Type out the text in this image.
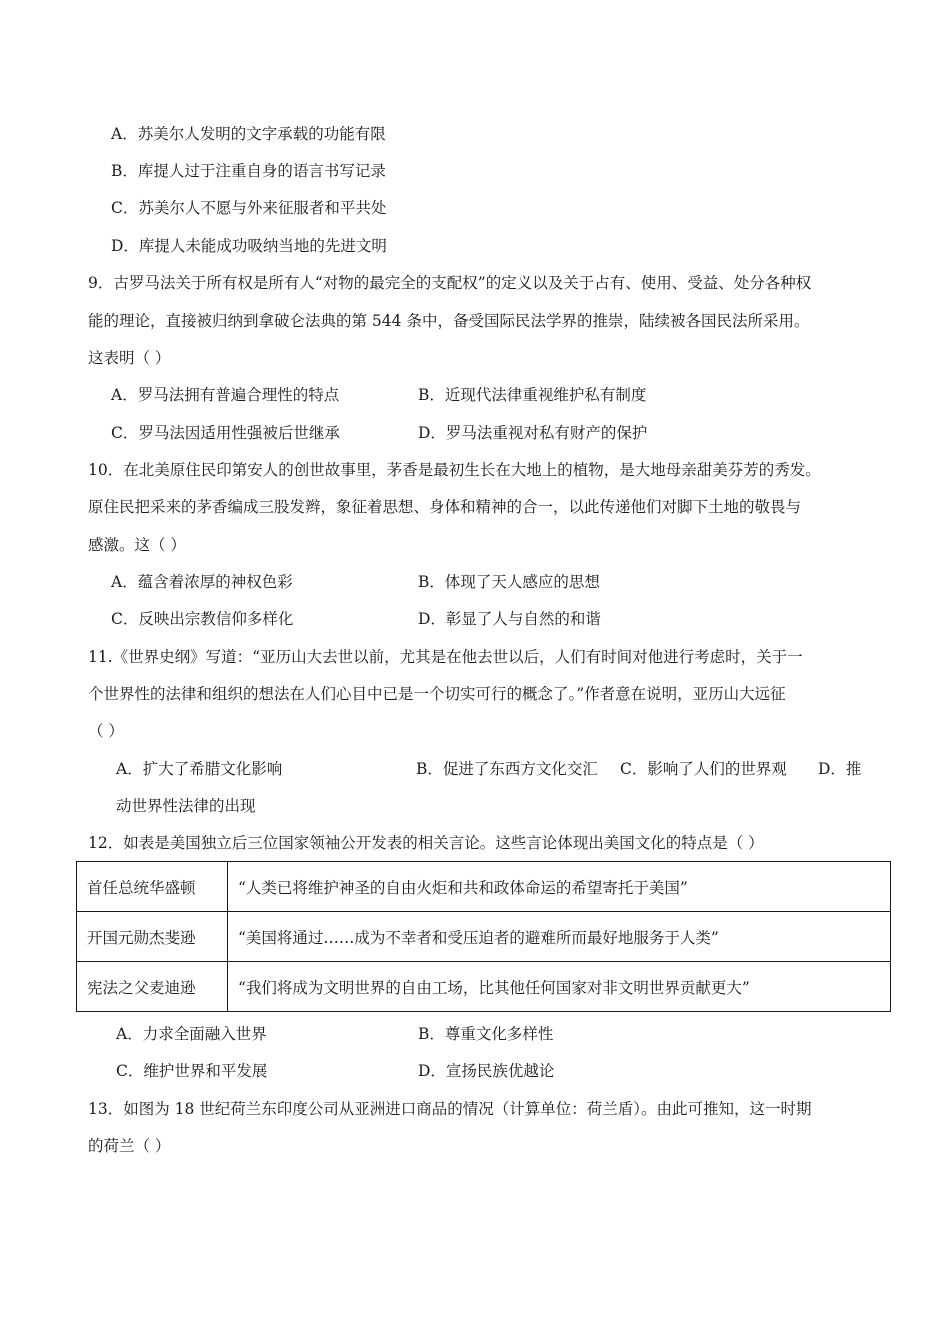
A．苏美尔人发明的文字承载的功能有限
B．库提人过于注重自身的语言书写记录
C．苏美尔人不愿与外来征服者和平共处
D．库提人未能成功吸纳当地的先进文明
9．古罗马法关于所有权是所有人“对物的最完全的支配权”的定义以及关于占有、使用、受益、处分各种权
能的理论，直接被归纳到拿破仑法典的第 544 条中，备受国际民法学界的推崇，陆续被各国民法所采用。
这表明（ ）
A．罗马法拥有普遍合理性的特点	B．近现代法律重视维护私有制度
C．罗马法因适用性强被后世继承	D．罗马法重视对私有财产的保护
10．在北美原住民印第安人的创世故事里，茅香是最初生长在大地上的植物，是大地母亲甜美芬芳的秀发。
原住民把采来的茅香编成三股发辫，象征着思想、身体和精神的合一，以此传递他们对脚下土地的敬畏与
感激。这（ ）
A．蕴含着浓厚的神权色彩	B．体现了天人感应的思想
C．反映出宗教信仰多样化	D．彰显了人与自然的和谐
11.《世界史纲》写道：“亚历山大去世以前，尤其是在他去世以后，人们有时间对他进行考虑时，关于一
个世界性的法律和组织的想法在人们心目中已是一个切实可行的概念了。”作者意在说明，亚历山大远征
（ ）
A．扩大了希腊文化影响	B．促进了东西方文化交汇 C．影响了人们的世界观 D．推
动世界性法律的出现
12．如表是美国独立后三位国家领袖公开发表的相关言论。这些言论体现出美国文化的特点是（ ）
首任总统华盛顿	“人类已将维护神圣的自由火炬和共和政体命运的希望寄托于美国”
开国元勋杰斐逊	“美国将通过……成为不幸者和受压迫者的避难所而最好地服务于人类”
宪法之父麦迪逊	“我们将成为文明世界的自由工场，比其他任何国家对非文明世界贡献更大”
A．力求全面融入世界	B．尊重文化多样性
C．维护世界和平发展	D．宣扬民族优越论
13．如图为 18 世纪荷兰东印度公司从亚洲进口商品的情况（计算单位：荷兰盾）。由此可推知，这一时期
的荷兰（ ）
